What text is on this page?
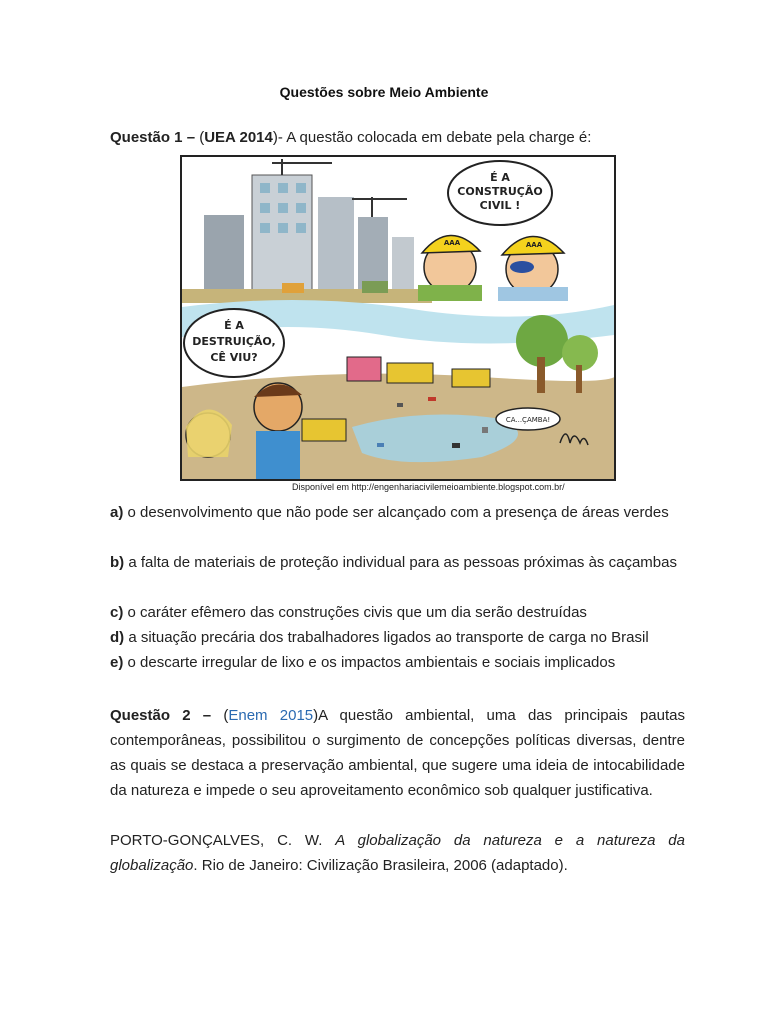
Questões sobre Meio Ambiente
Questão 1 – (UEA 2014)- A questão colocada em debate pela charge é:
É A
CONSTRUÇÃO
CIVIL !
AAA	AAA
É A
DESTRUIÇÃO,
CÊ VIU?
CA...ÇAMBA!
Disponível em http://engenhariacivilemeioambiente.blogspot.com.br/
a) o desenvolvimento que não pode ser alcançado com a presença de áreas verdes
b) a falta de materiais de proteção individual para as pessoas próximas às caçambas
c) o caráter efêmero das construções civis que um dia serão destruídas
d) a situação precária dos trabalhadores ligados ao transporte de carga no Brasil
e) o descarte irregular de lixo e os impactos ambientais e sociais implicados
Questão 2 – (Enem 2015)A questão ambiental, uma das principais pautas contemporâneas, possibilitou o surgimento de concepções políticas diversas, dentre as quais se destaca a preservação ambiental, que sugere uma ideia de intocabilidade da natureza e impede o seu aproveitamento econômico sob qualquer justificativa.
PORTO-GONÇALVES, C. W. A globalização da natureza e a natureza da globalização. Rio de Janeiro: Civilização Brasileira, 2006 (adaptado).
